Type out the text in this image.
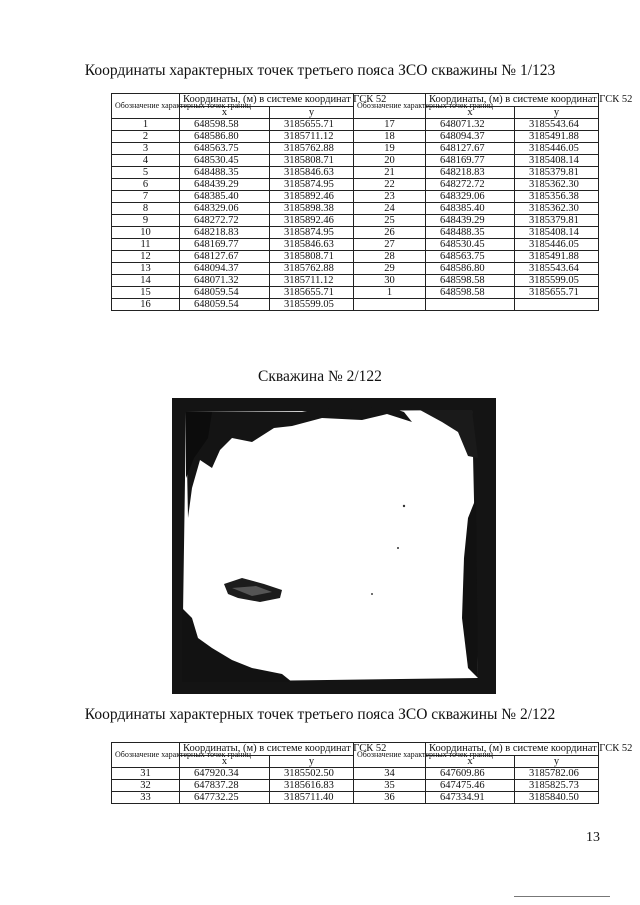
Координаты характерных точек третьего пояса ЗСО скважины № 1/123
Обозначение характерных точек границ	Координаты, (м) в системе координат ГСК 52		Обозначение характерных точек границ	Координаты, (м) в системе координат ГСК 52	
	x	y		x	y
1	648598.58	3185655.71	17	648071.32	3185543.64
2	648586.80	3185711.12	18	648094.37	3185491.88
3	648563.75	3185762.88	19	648127.67	3185446.05
4	648530.45	3185808.71	20	648169.77	3185408.14
5	648488.35	3185846.63	21	648218.83	3185379.81
6	648439.29	3185874.95	22	648272.72	3185362.30
7	648385.40	3185892.46	23	648329.06	3185356.38
8	648329.06	3185898.38	24	648385.40	3185362.30
9	648272.72	3185892.46	25	648439.29	3185379.81
10	648218.83	3185874.95	26	648488.35	3185408.14
11	648169.77	3185846.63	27	648530.45	3185446.05
12	648127.67	3185808.71	28	648563.75	3185491.88
13	648094.37	3185762.88	29	648586.80	3185543.64
14	648071.32	3185711.12	30	648598.58	3185599.05
15	648059.54	3185655.71	1	648598.58	3185655.71
16	648059.54	3185599.05			
Скважина № 2/122
Координаты характерных точек третьего пояса ЗСО скважины № 2/122
Обозначение характерных точек границ	Координаты, (м) в системе координат ГСК 52		Обозначение характерных точек границ	Координаты, (м) в системе координат ГСК 52	
	x	y		x	y
31	647920.34	3185502.50	34	647609.86	3185782.06
32	647837.28	3185616.83	35	647475.46	3185825.73
33	647732.25	3185711.40	36	647334.91	3185840.50
13
